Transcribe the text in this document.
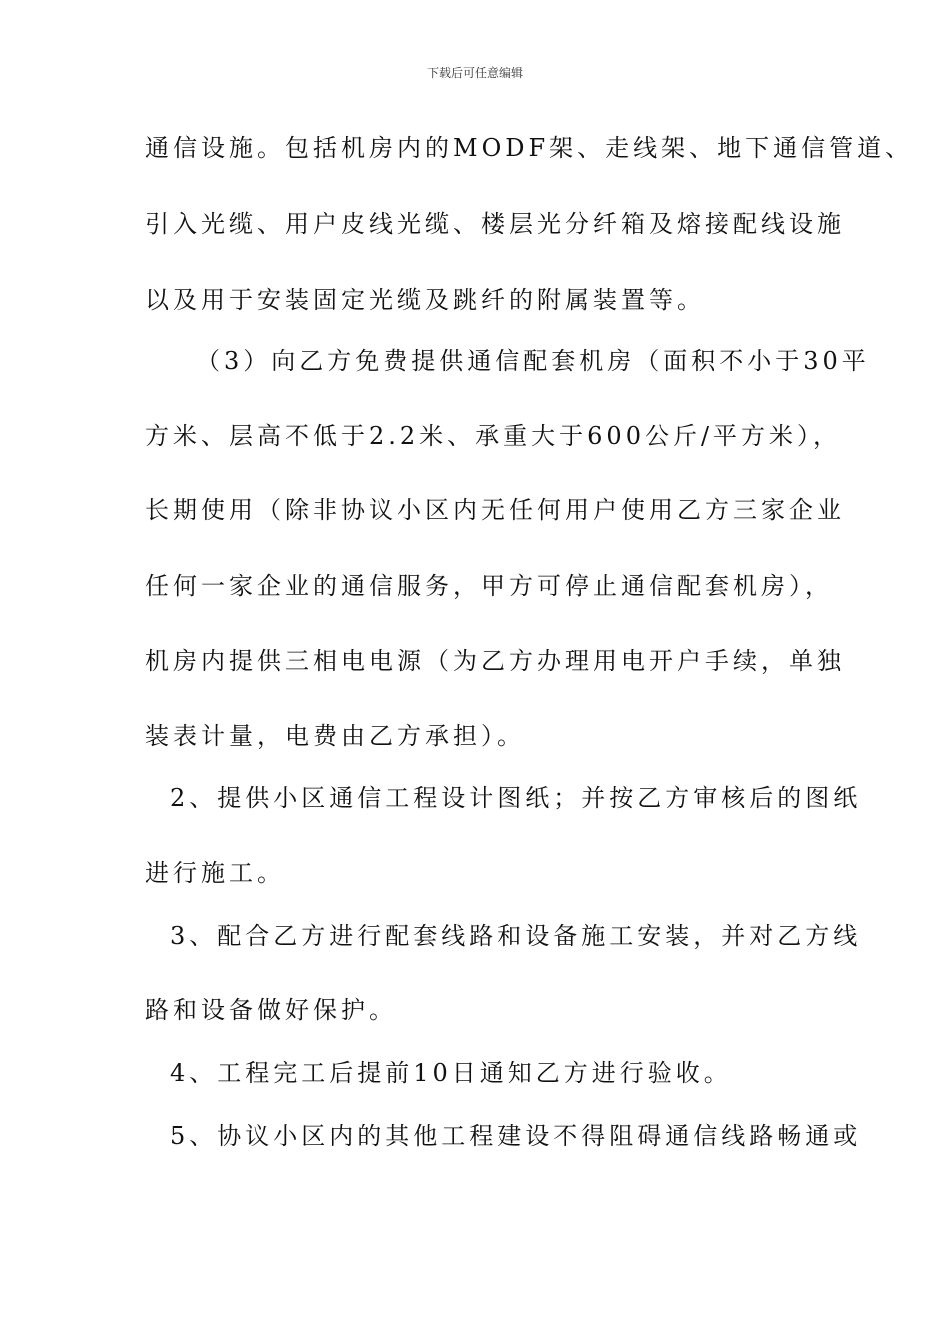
下载后可任意编辑
通信设施。包括机房内的MODF架、走线架、地下通信管道、
引入光缆、用户皮线光缆、楼层光分纤箱及熔接配线设施
以及用于安装固定光缆及跳纤的附属装置等。
（3）向乙方免费提供通信配套机房（面积不小于30平
方米、层高不低于2.2米、承重大于600公斤/平方米），
长期使用（除非协议小区内无任何用户使用乙方三家企业
任何一家企业的通信服务，甲方可停止通信配套机房），
机房内提供三相电电源（为乙方办理用电开户手续，单独
装表计量，电费由乙方承担）。
2、提供小区通信工程设计图纸；并按乙方审核后的图纸
进行施工。
3、配合乙方进行配套线路和设备施工安装，并对乙方线
路和设备做好保护。
4、工程完工后提前10日通知乙方进行验收。
5、协议小区内的其他工程建设不得阻碍通信线路畅通或
